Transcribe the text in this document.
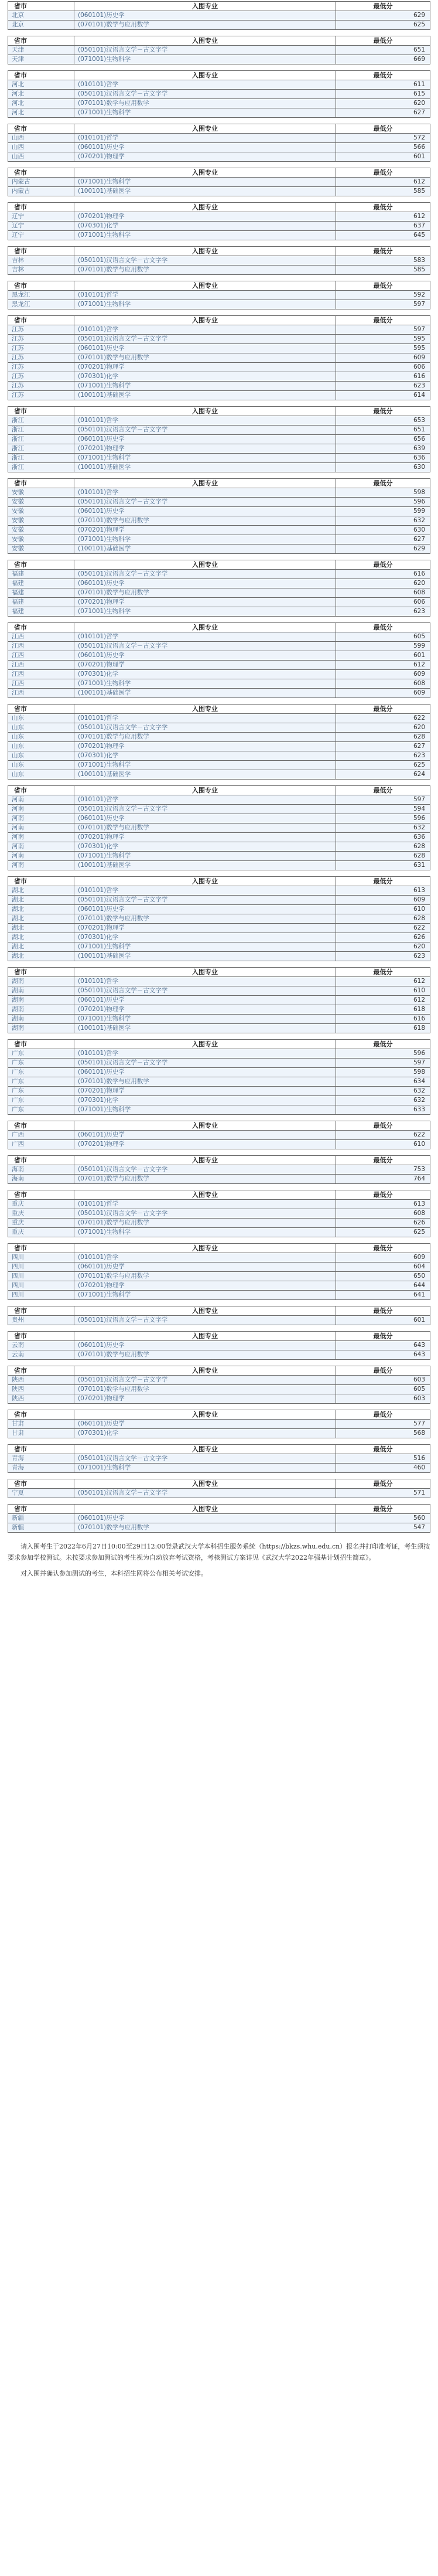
省市	入围专业	最低分
北京	(060101)历史学	629
北京	(070101)数学与应用数学	625
省市	入围专业	最低分
天津	(050101)汉语言文学－古文字学	651
天津	(071001)生物科学	669
省市	入围专业	最低分
河北	(010101)哲学	611
河北	(050101)汉语言文学－古文字学	615
河北	(070101)数学与应用数学	620
河北	(071001)生物科学	627
省市	入围专业	最低分
山西	(010101)哲学	572
山西	(060101)历史学	566
山西	(070201)物理学	601
省市	入围专业	最低分
内蒙古	(071001)生物科学	612
内蒙古	(100101)基础医学	585
省市	入围专业	最低分
辽宁	(070201)物理学	612
辽宁	(070301)化学	637
辽宁	(071001)生物科学	645
省市	入围专业	最低分
吉林	(050101)汉语言文学－古文字学	583
吉林	(070101)数学与应用数学	585
省市	入围专业	最低分
黑龙江	(010101)哲学	592
黑龙江	(071001)生物科学	597
省市	入围专业	最低分
江苏	(010101)哲学	597
江苏	(050101)汉语言文学－古文字学	595
江苏	(060101)历史学	595
江苏	(070101)数学与应用数学	609
江苏	(070201)物理学	606
江苏	(070301)化学	616
江苏	(071001)生物科学	623
江苏	(100101)基础医学	614
省市	入围专业	最低分
浙江	(010101)哲学	653
浙江	(050101)汉语言文学－古文字学	651
浙江	(060101)历史学	656
浙江	(070201)物理学	639
浙江	(071001)生物科学	636
浙江	(100101)基础医学	630
省市	入围专业	最低分
安徽	(010101)哲学	598
安徽	(050101)汉语言文学－古文字学	596
安徽	(060101)历史学	599
安徽	(070101)数学与应用数学	632
安徽	(070201)物理学	630
安徽	(071001)生物科学	627
安徽	(100101)基础医学	629
省市	入围专业	最低分
福建	(050101)汉语言文学－古文字学	616
福建	(060101)历史学	620
福建	(070101)数学与应用数学	608
福建	(070201)物理学	606
福建	(071001)生物科学	623
省市	入围专业	最低分
江西	(010101)哲学	605
江西	(050101)汉语言文学－古文字学	599
江西	(060101)历史学	601
江西	(070201)物理学	612
江西	(070301)化学	609
江西	(071001)生物科学	608
江西	(100101)基础医学	609
省市	入围专业	最低分
山东	(010101)哲学	622
山东	(050101)汉语言文学－古文字学	620
山东	(070101)数学与应用数学	628
山东	(070201)物理学	627
山东	(070301)化学	623
山东	(071001)生物科学	625
山东	(100101)基础医学	624
省市	入围专业	最低分
河南	(010101)哲学	597
河南	(050101)汉语言文学－古文字学	594
河南	(060101)历史学	596
河南	(070101)数学与应用数学	632
河南	(070201)物理学	636
河南	(070301)化学	628
河南	(071001)生物科学	628
河南	(100101)基础医学	631
省市	入围专业	最低分
湖北	(010101)哲学	613
湖北	(050101)汉语言文学－古文字学	609
湖北	(060101)历史学	610
湖北	(070101)数学与应用数学	628
湖北	(070201)物理学	622
湖北	(070301)化学	626
湖北	(071001)生物科学	620
湖北	(100101)基础医学	623
省市	入围专业	最低分
湖南	(010101)哲学	612
湖南	(050101)汉语言文学－古文字学	610
湖南	(060101)历史学	612
湖南	(070201)物理学	618
湖南	(071001)生物科学	616
湖南	(100101)基础医学	618
省市	入围专业	最低分
广东	(010101)哲学	596
广东	(050101)汉语言文学－古文字学	597
广东	(060101)历史学	598
广东	(070101)数学与应用数学	634
广东	(070201)物理学	632
广东	(070301)化学	632
广东	(071001)生物科学	633
省市	入围专业	最低分
广西	(060101)历史学	622
广西	(070201)物理学	610
省市	入围专业	最低分
海南	(050101)汉语言文学－古文字学	753
海南	(070101)数学与应用数学	764
省市	入围专业	最低分
重庆	(010101)哲学	613
重庆	(050101)汉语言文学－古文字学	608
重庆	(070101)数学与应用数学	626
重庆	(071001)生物科学	625
省市	入围专业	最低分
四川	(010101)哲学	609
四川	(060101)历史学	604
四川	(070101)数学与应用数学	650
四川	(070201)物理学	644
四川	(071001)生物科学	641
省市	入围专业	最低分
贵州	(050101)汉语言文学－古文字学	601
省市	入围专业	最低分
云南	(060101)历史学	643
云南	(070101)数学与应用数学	643
省市	入围专业	最低分
陕西	(050101)汉语言文学－古文字学	603
陕西	(070101)数学与应用数学	605
陕西	(070201)物理学	603
省市	入围专业	最低分
甘肃	(060101)历史学	577
甘肃	(070301)化学	568
省市	入围专业	最低分
青海	(050101)汉语言文学－古文字学	516
青海	(071001)生物科学	460
省市	入围专业	最低分
宁夏	(050101)汉语言文学－古文字学	571
省市	入围专业	最低分
新疆	(060101)历史学	560
新疆	(070101)数学与应用数学	547

请入围考生于2022年6月27日10:00至29日12:00登录武汉大学本科招生服务系统（https://bkzs.whu.edu.cn）报名并打印准考证，考生须按要求参加学校测试。未按要求参加测试的考生视为自动放弃考试资格，考核测试方案详见《武汉大学2022年强基计划招生简章》。

对入围并确认参加测试的考生，本科招生网将公布相关考试安排。
